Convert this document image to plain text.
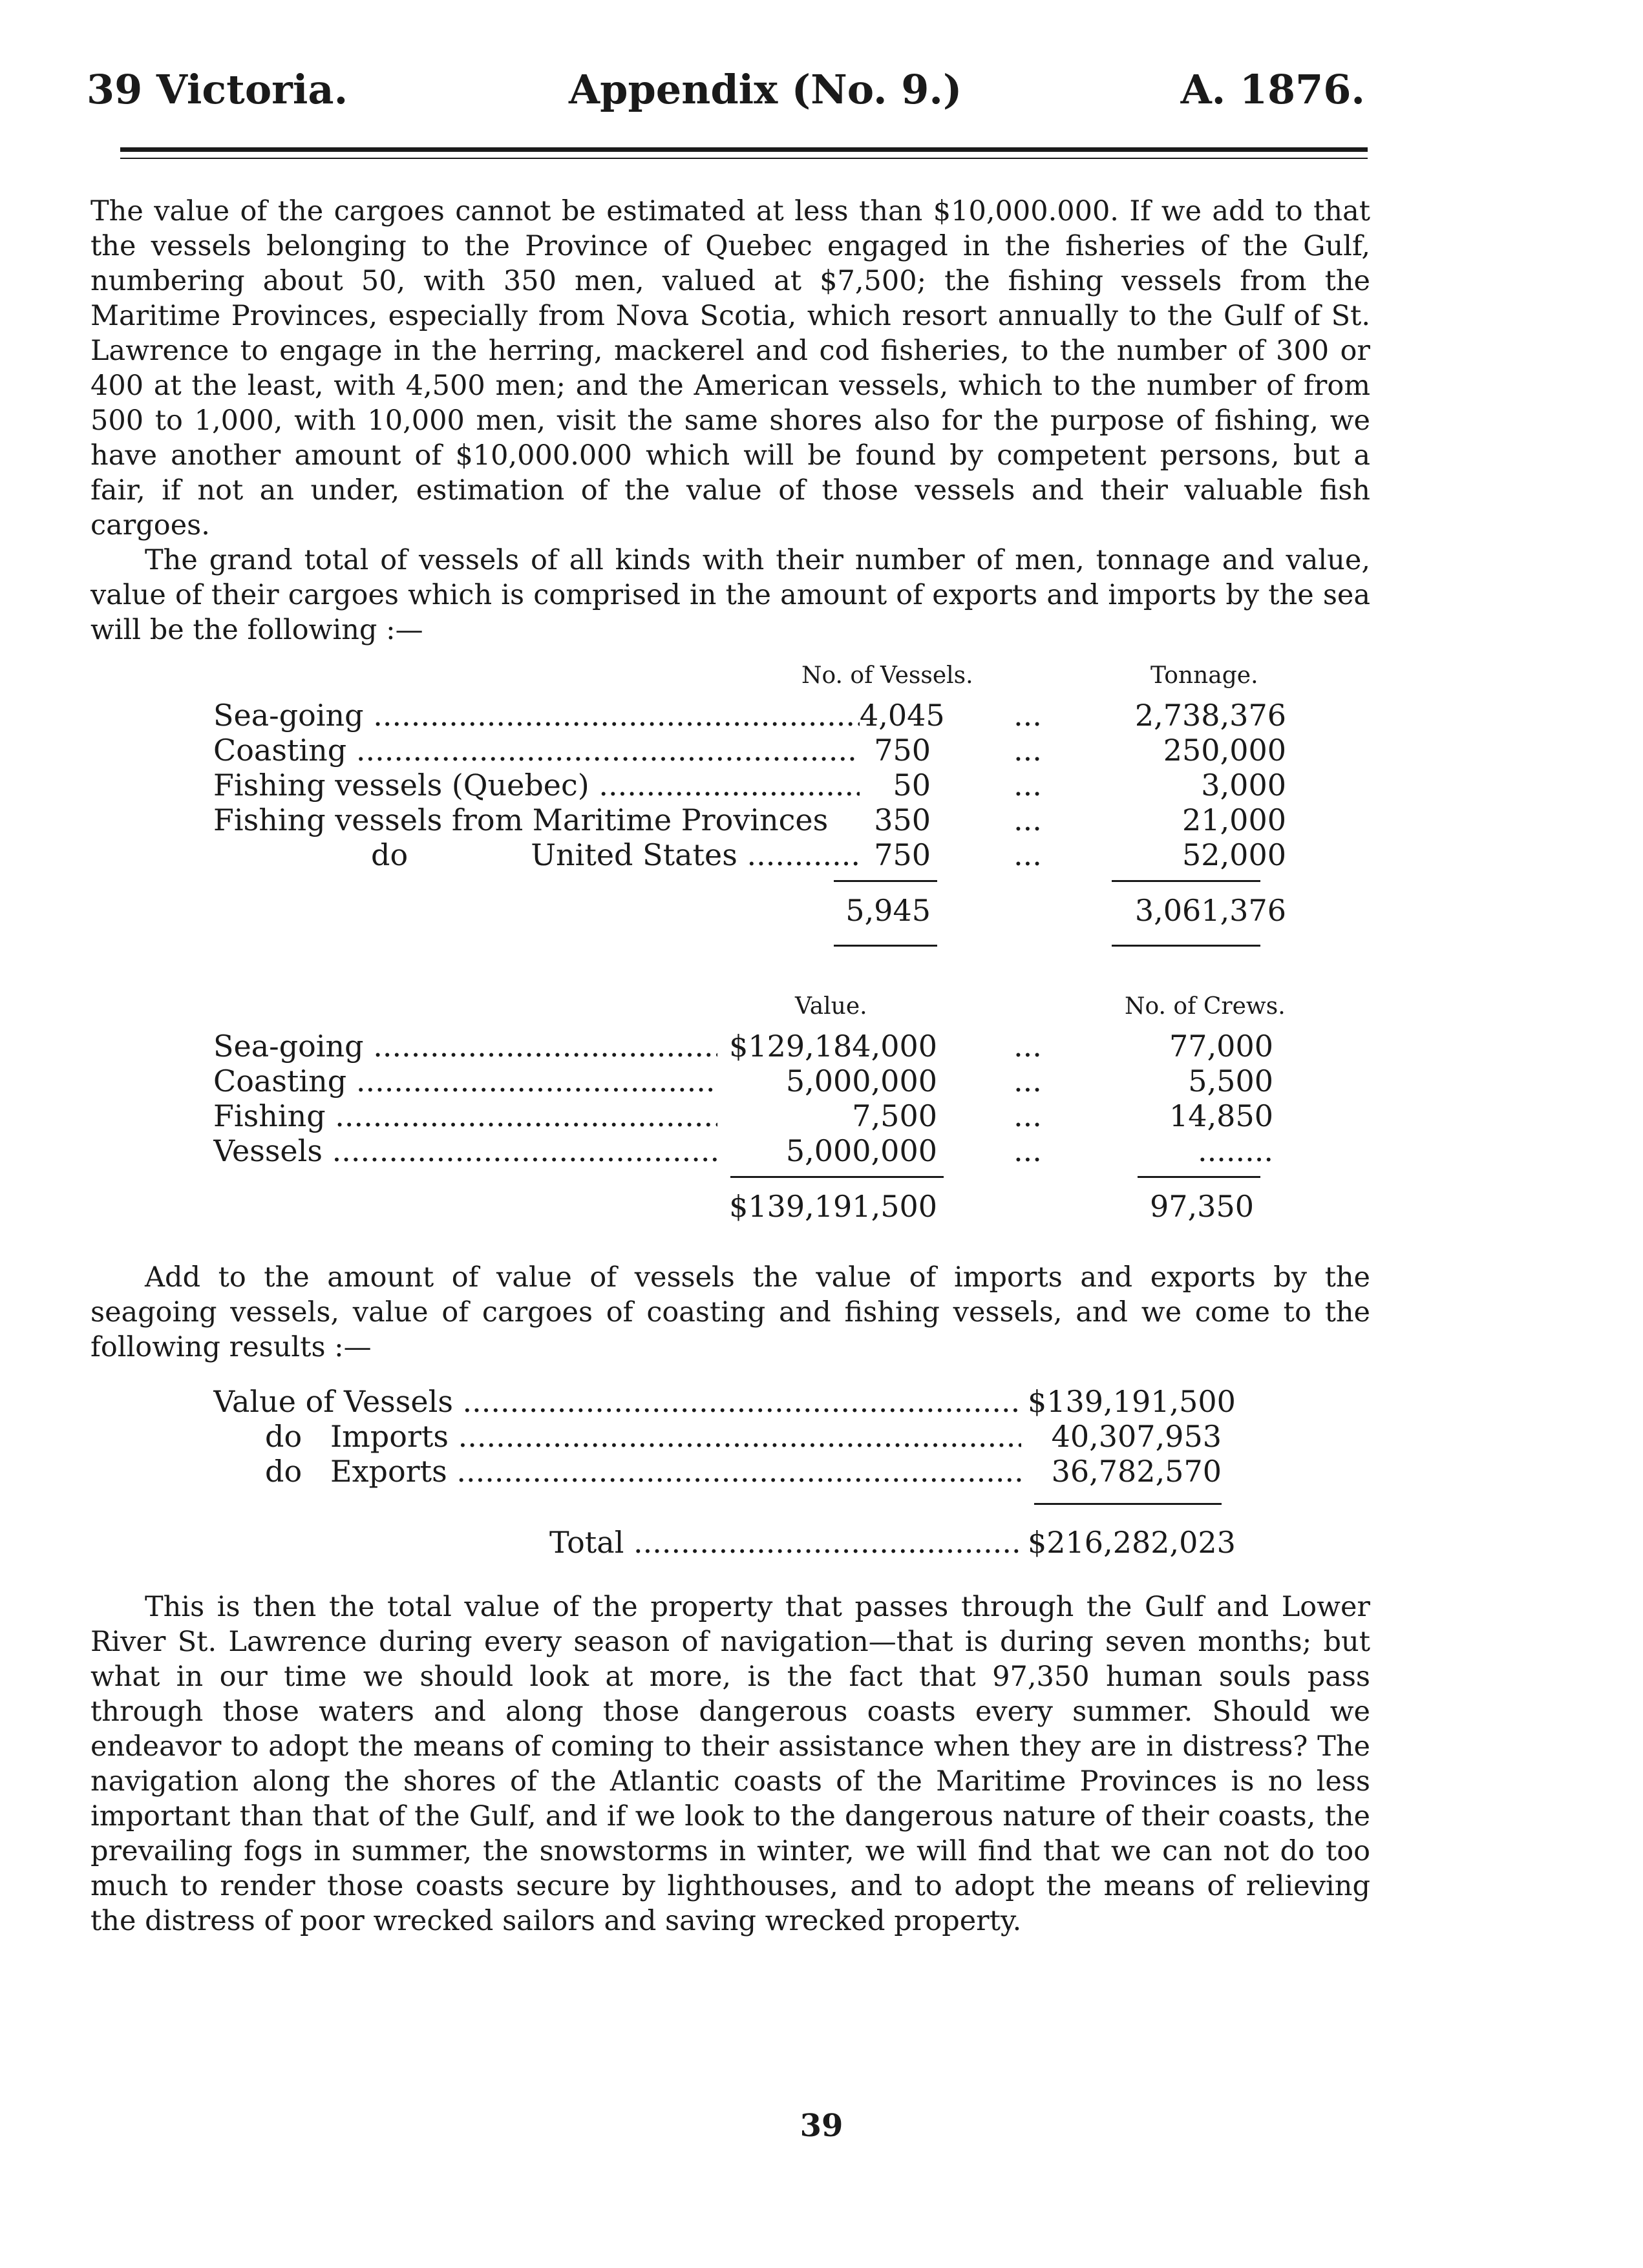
39 Victoria.	Appendix (No. 9.)	A. 1876.

The value of the cargoes cannot be estimated at less than $10,000.000. If we add to that the vessels belonging to the Province of Quebec engaged in the fisheries of the Gulf, numbering about 50, with 350 men, valued at $7,500; the fishing vessels from the Maritime Provinces, especially from Nova Scotia, which resort annually to the Gulf of St. Lawrence to engage in the herring, mackerel and cod fisheries, to the number of 300 or 400 at the least, with 4,500 men; and the American vessels, which to the number of from 500 to 1,000, with 10,000 men, visit the same shores also for the purpose of fishing, we have another amount of $10,000.000 which will be found by competent persons, but a fair, if not an under, estimation of the value of those vessels and their valuable fish cargoes.

The grand total of vessels of all kinds with their number of men, tonnage and value, value of their cargoes which is comprised in the amount of exports and imports by the sea will be the following :—

No. of Vessels.	Tonnage.
Sea-going .....	4,045	...	2,738,376
Coasting .....	750	...	250,000
Fishing vessels (Quebec) .....	50	...	3,000
Fishing vessels from Maritime Provinces	350	...	21,000
do             United States .....	750	...	52,000
5,945	3,061,376
Value.	No. of Crews.
Sea-going .....	$129,184,000	...	77,000
Coasting .....	5,000,000	...	5,500
Fishing .....	7,500	...	14,850
Vessels .....	5,000,000	...	........
$139,191,500	97,350

Add to the amount of value of vessels the value of imports and exports by the seagoing vessels, value of cargoes of coasting and fishing vessels, and we come to the following results :—

Value of Vessels .....	$139,191,500
do   Imports .....	40,307,953
do   Exports .....	36,782,570
Total .....	$216,282,023

This is then the total value of the property that passes through the Gulf and Lower River St. Lawrence during every season of navigation—that is during seven months; but what in our time we should look at more, is the fact that 97,350 human souls pass through those waters and along those dangerous coasts every summer. Should we endeavor to adopt the means of coming to their assistance when they are in distress? The navigation along the shores of the Atlantic coasts of the Maritime Provinces is no less important than that of the Gulf, and if we look to the dangerous nature of their coasts, the prevailing fogs in summer, the snowstorms in winter, we will find that we can not do too much to render those coasts secure by lighthouses, and to adopt the means of relieving the distress of poor wrecked sailors and saving wrecked property.

39
